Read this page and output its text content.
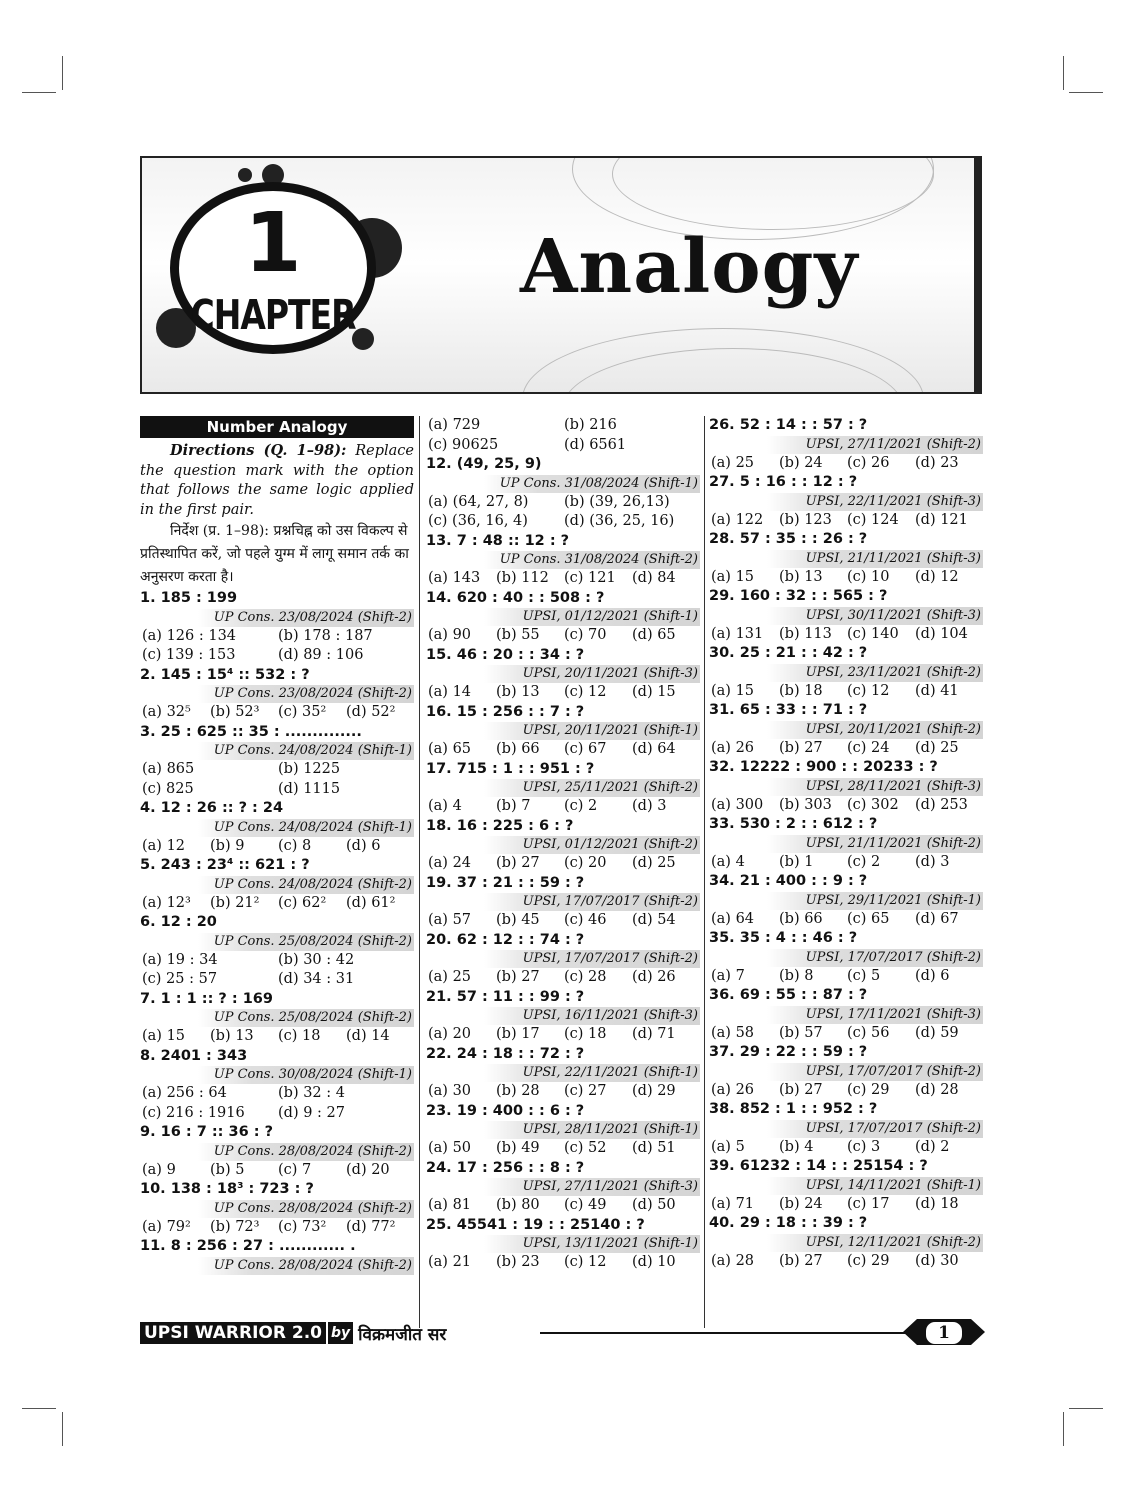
1
CHAPTER
Analogy
Number Analogy
Directions (Q. 1–98): Replace the question mark with the option that follows the same logic applied in the first pair.
निर्देश (प्र. 1–98): प्रश्नचिह्न को उस विकल्प से प्रतिस्थापित करें, जो पहले युग्म में लागू समान तर्क का अनुसरण करता है।
1. 185 : 199
UP Cons. 23/08/2024 (Shift-2)
(a) 126 : 134	(b) 178 : 187
(c) 139 : 153	(d) 89 : 106
2. 145 : 15⁴ :: 532 : ?
UP Cons. 23/08/2024 (Shift-2)
(a) 32⁵	(b) 52³	(c) 35²	(d) 52²
3. 25 : 625 :: 35 : ..............
UP Cons. 24/08/2024 (Shift-1)
(a) 865	(b) 1225
(c) 825	(d) 1115
4. 12 : 26 :: ? : 24
UP Cons. 24/08/2024 (Shift-1)
(a) 12	(b) 9	(c) 8	(d) 6
5. 243 : 23⁴ :: 621 : ?
UP Cons. 24/08/2024 (Shift-2)
(a) 12³	(b) 21²	(c) 62²	(d) 61²
6. 12 : 20
UP Cons. 25/08/2024 (Shift-2)
(a) 19 : 34	(b) 30 : 42
(c) 25 : 57	(d) 34 : 31
7. 1 : 1 :: ? : 169
UP Cons. 25/08/2024 (Shift-2)
(a) 15	(b) 13	(c) 18	(d) 14
8. 2401 : 343
UP Cons. 30/08/2024 (Shift-1)
(a) 256 : 64	(b) 32 : 4
(c) 216 : 1916	(d) 9 : 27
9. 16 : 7 :: 36 : ?
UP Cons. 28/08/2024 (Shift-2)
(a) 9	(b) 5	(c) 7	(d) 20
10. 138 : 18³ : 723 : ?
UP Cons. 28/08/2024 (Shift-2)
(a) 79²	(b) 72³	(c) 73²	(d) 77²
11. 8 : 256 : 27 : ............ .
UP Cons. 28/08/2024 (Shift-2)
(a) 729	(b) 216
(c) 90625	(d) 6561
12. (49, 25, 9)
UP Cons. 31/08/2024 (Shift-1)
(a) (64, 27, 8)	(b) (39, 26,13)
(c) (36, 16, 4)	(d) (36, 25, 16)
13. 7 : 48 :: 12 : ?
UP Cons. 31/08/2024 (Shift-2)
(a) 143	(b) 112	(c) 121	(d) 84
14. 620 : 40 : : 508 : ?
UPSI, 01/12/2021 (Shift-1)
(a) 90	(b) 55	(c) 70	(d) 65
15. 46 : 20 : : 34 : ?
UPSI, 20/11/2021 (Shift-3)
(a) 14	(b) 13	(c) 12	(d) 15
16. 15 : 256 : : 7 : ?
UPSI, 20/11/2021 (Shift-1)
(a) 65	(b) 66	(c) 67	(d) 64
17. 715 : 1 : : 951 : ?
UPSI, 25/11/2021 (Shift-2)
(a) 4	(b) 7	(c) 2	(d) 3
18. 16 : 225 : 6 : ?
UPSI, 01/12/2021 (Shift-2)
(a) 24	(b) 27	(c) 20	(d) 25
19. 37 : 21 : : 59 : ?
UPSI, 17/07/2017 (Shift-2)
(a) 57	(b) 45	(c) 46	(d) 54
20. 62 : 12 : : 74 : ?
UPSI, 17/07/2017 (Shift-2)
(a) 25	(b) 27	(c) 28	(d) 26
21. 57 : 11 : : 99 : ?
UPSI, 16/11/2021 (Shift-3)
(a) 20	(b) 17	(c) 18	(d) 71
22. 24 : 18 : : 72 : ?
UPSI, 22/11/2021 (Shift-1)
(a) 30	(b) 28	(c) 27	(d) 29
23. 19 : 400 : : 6 : ?
UPSI, 28/11/2021 (Shift-1)
(a) 50	(b) 49	(c) 52	(d) 51
24. 17 : 256 : : 8 : ?
UPSI, 27/11/2021 (Shift-3)
(a) 81	(b) 80	(c) 49	(d) 50
25. 45541 : 19 : : 25140 : ?
UPSI, 13/11/2021 (Shift-1)
(a) 21	(b) 23	(c) 12	(d) 10
26. 52 : 14 : : 57 : ?
UPSI, 27/11/2021 (Shift-2)
(a) 25	(b) 24	(c) 26	(d) 23
27. 5 : 16 : : 12 : ?
UPSI, 22/11/2021 (Shift-3)
(a) 122	(b) 123	(c) 124	(d) 121
28. 57 : 35 : : 26 : ?
UPSI, 21/11/2021 (Shift-3)
(a) 15	(b) 13	(c) 10	(d) 12
29. 160 : 32 : : 565 : ?
UPSI, 30/11/2021 (Shift-3)
(a) 131	(b) 113	(c) 140	(d) 104
30. 25 : 21 : : 42 : ?
UPSI, 23/11/2021 (Shift-2)
(a) 15	(b) 18	(c) 12	(d) 41
31. 65 : 33 : : 71 : ?
UPSI, 20/11/2021 (Shift-2)
(a) 26	(b) 27	(c) 24	(d) 25
32. 12222 : 900 : : 20233 : ?
UPSI, 28/11/2021 (Shift-3)
(a) 300	(b) 303	(c) 302	(d) 253
33. 530 : 2 : : 612 : ?
UPSI, 21/11/2021 (Shift-2)
(a) 4	(b) 1	(c) 2	(d) 3
34. 21 : 400 : : 9 : ?
UPSI, 29/11/2021 (Shift-1)
(a) 64	(b) 66	(c) 65	(d) 67
35. 35 : 4 : : 46 : ?
UPSI, 17/07/2017 (Shift-2)
(a) 7	(b) 8	(c) 5	(d) 6
36. 69 : 55 : : 87 : ?
UPSI, 17/11/2021 (Shift-3)
(a) 58	(b) 57	(c) 56	(d) 59
37. 29 : 22 : : 59 : ?
UPSI, 17/07/2017 (Shift-2)
(a) 26	(b) 27	(c) 29	(d) 28
38. 852 : 1 : : 952 : ?
UPSI, 17/07/2017 (Shift-2)
(a) 5	(b) 4	(c) 3	(d) 2
39. 61232 : 14 : : 25154 : ?
UPSI, 14/11/2021 (Shift-1)
(a) 71	(b) 24	(c) 17	(d) 18
40. 29 : 18 : : 39 : ?
UPSI, 12/11/2021 (Shift-2)
(a) 28	(b) 27	(c) 29	(d) 30
UPSI WARRIOR 2.0 by विक्रमजीत सर	1
